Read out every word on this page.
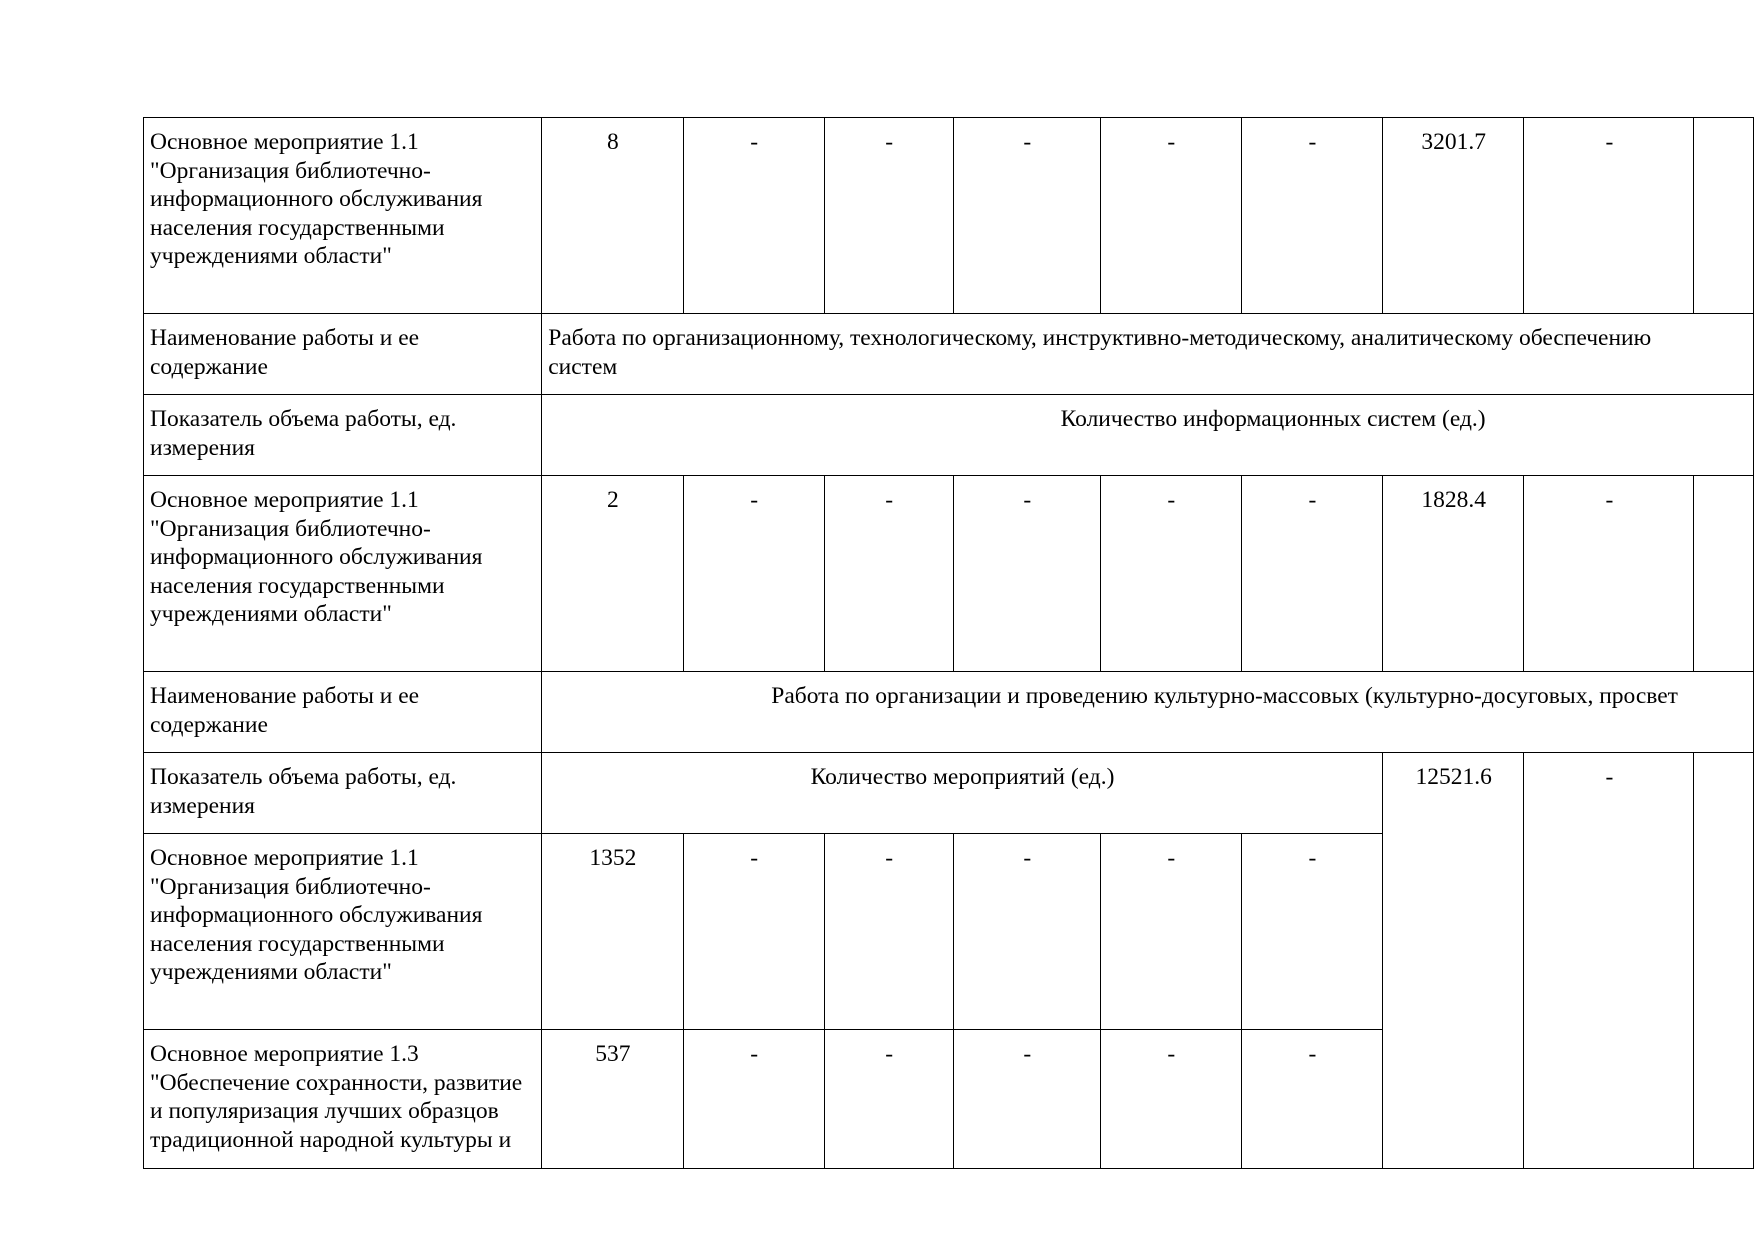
Основное мероприятие 1.1 "Организация библиотечно-информационного обслуживания населения государственными учреждениями области"	8	-	-	-	-	-	3201.7	-	
Наименование работы и ее содержание	Работа по организационному, технологическому, инструктивно-методическому, аналитическому обеспечению
систем								

Показатель объема работы, ед. измерения	Количество информационных систем (ед.)								

Основное мероприятие 1.1 "Организация библиотечно-информационного обслуживания населения государственными учреждениями области"	2	-	-	-	-	-	1828.4	-	
Наименование работы и ее содержание	Работа по организации и проведению культурно-массовых (культурно-досуговых, просвет								

Показатель объема работы, ед. измерения	Количество мероприятий (ед.)						12521.6	-	
Основное мероприятие 1.1 "Организация библиотечно-информационного обслуживания населения государственными учреждениями области"	1352	-	-	-	-	-			
Основное мероприятие 1.3 "Обеспечение сохранности, развитие и популяризация лучших образцов традиционной народной культуры и	537	-	-	-	-	-			
